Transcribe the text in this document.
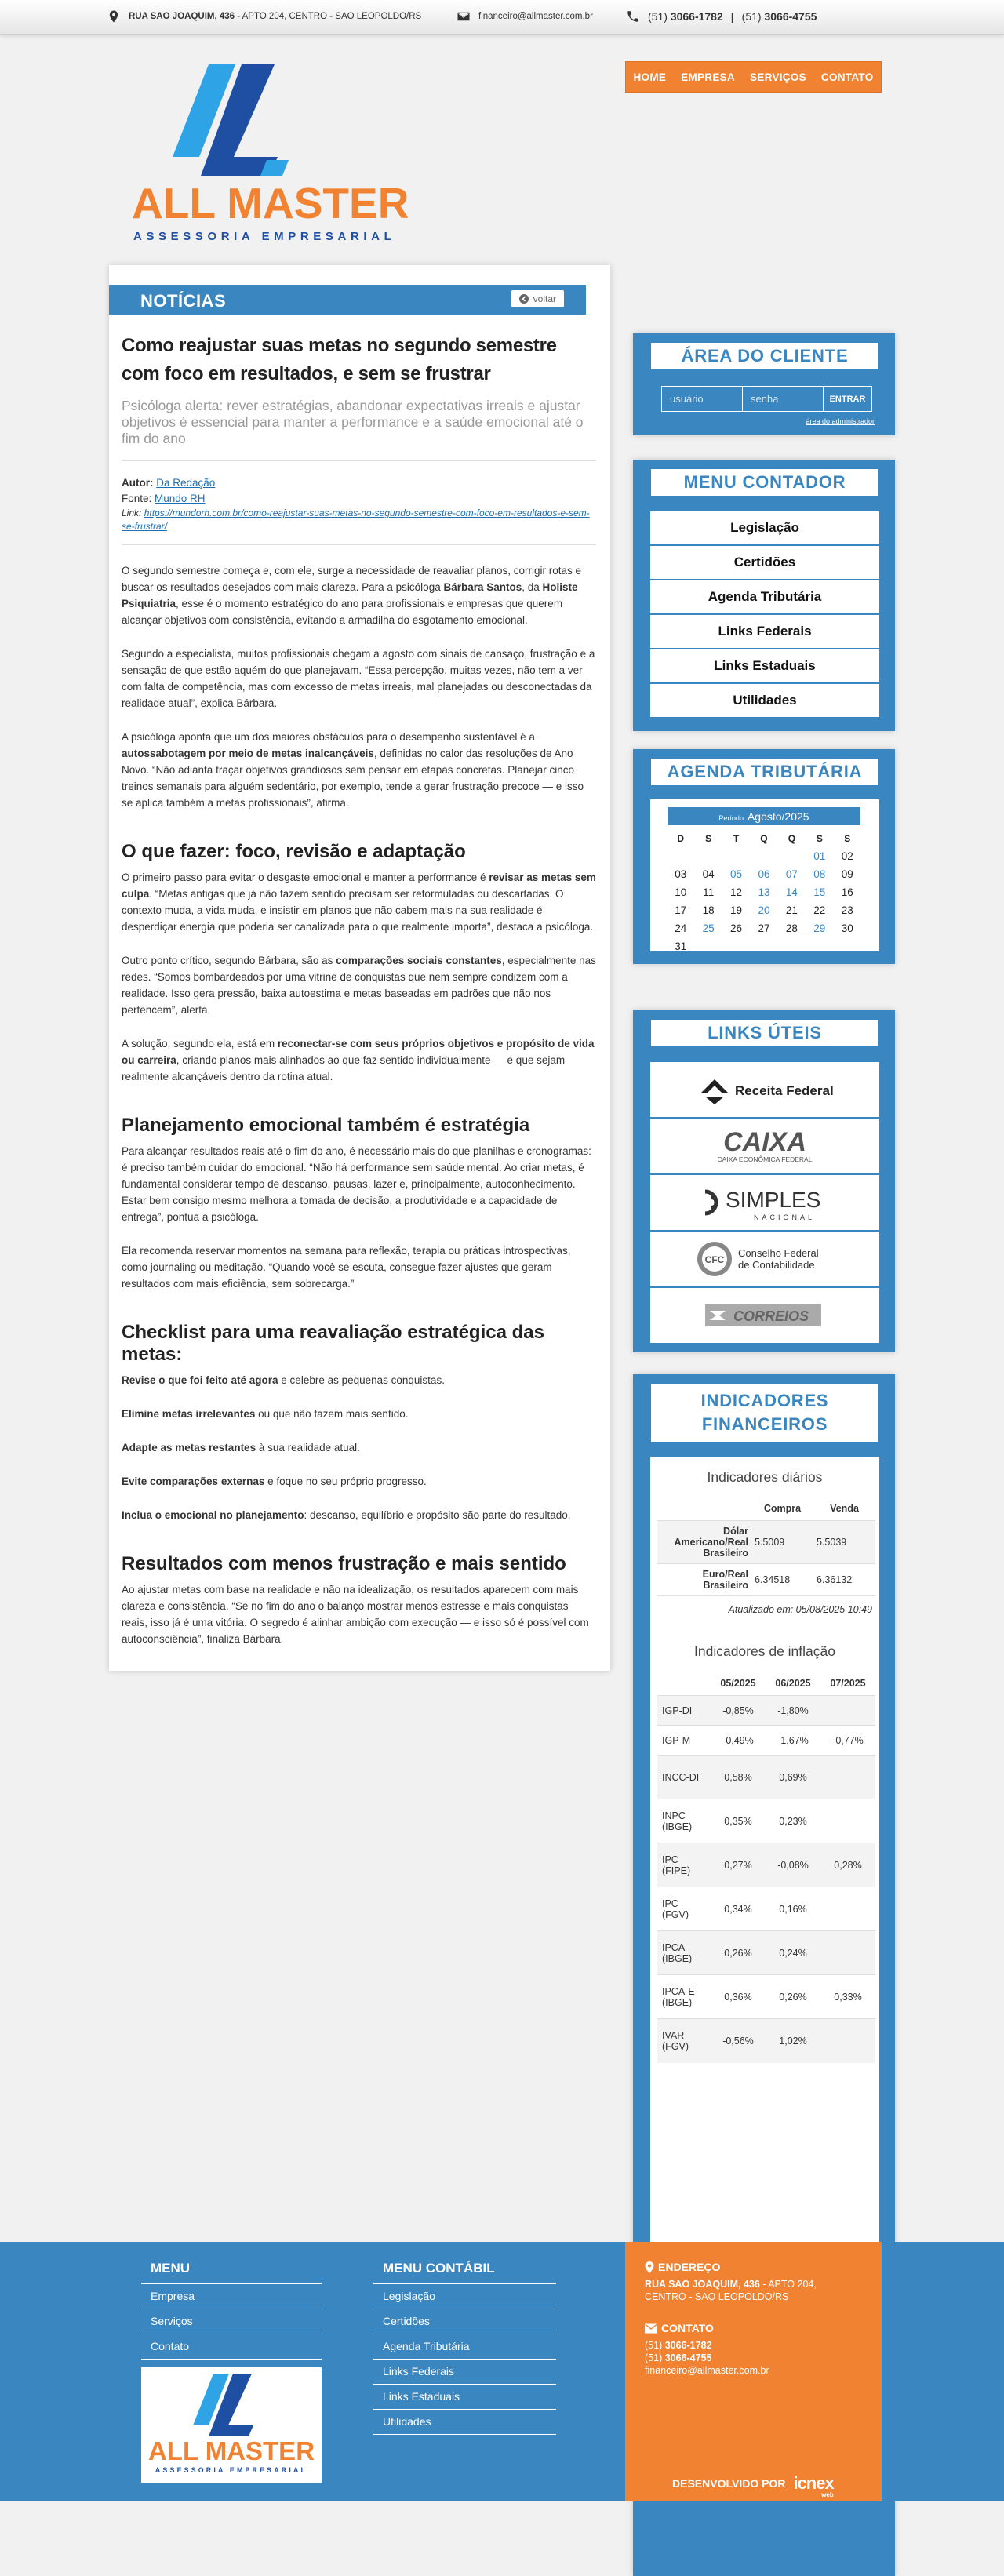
RUA SAO JOAQUIM, 436 - APTO 204, CENTRO - SAO LEOPOLDO/RS	financeiro@allmaster.com.br	(51) 3066-1782 | (51) 3066-4755
ALL MASTER
ASSESSORIA EMPRESARIAL
HOME EMPRESA SERVIÇOS CONTATO
NOTÍCIAS	voltar
Como reajustar suas metas no segundo semestre com foco em resultados, e sem se frustrar
Psicóloga alerta: rever estratégias, abandonar expectativas irreais e ajustar objetivos é essencial para manter a performance e a saúde emocional até o fim do ano
Autor: Da Redação
Fonte: Mundo RH
Link: https://mundorh.com.br/como-reajustar-suas-metas-no-segundo-semestre-com-foco-em-resultados-e-sem-se-frustrar/

O segundo semestre começa e, com ele, surge a necessidade de reavaliar planos, corrigir rotas e buscar os resultados desejados com mais clareza. Para a psicóloga Bárbara Santos, da Holiste Psiquiatria, esse é o momento estratégico do ano para profissionais e empresas que querem alcançar objetivos com consistência, evitando a armadilha do esgotamento emocional.

Segundo a especialista, muitos profissionais chegam a agosto com sinais de cansaço, frustração e a sensação de que estão aquém do que planejavam. “Essa percepção, muitas vezes, não tem a ver com falta de competência, mas com excesso de metas irreais, mal planejadas ou desconectadas da realidade atual”, explica Bárbara.

A psicóloga aponta que um dos maiores obstáculos para o desempenho sustentável é a autossabotagem por meio de metas inalcançáveis, definidas no calor das resoluções de Ano Novo. “Não adianta traçar objetivos grandiosos sem pensar em etapas concretas. Planejar cinco treinos semanais para alguém sedentário, por exemplo, tende a gerar frustração precoce — e isso se aplica também a metas profissionais”, afirma.

O que fazer: foco, revisão e adaptação

O primeiro passo para evitar o desgaste emocional e manter a performance é revisar as metas sem culpa. “Metas antigas que já não fazem sentido precisam ser reformuladas ou descartadas. O contexto muda, a vida muda, e insistir em planos que não cabem mais na sua realidade é desperdiçar energia que poderia ser canalizada para o que realmente importa”, destaca a psicóloga.

Outro ponto crítico, segundo Bárbara, são as comparações sociais constantes, especialmente nas redes. “Somos bombardeados por uma vitrine de conquistas que nem sempre condizem com a realidade. Isso gera pressão, baixa autoestima e metas baseadas em padrões que não nos pertencem”, alerta.

A solução, segundo ela, está em reconectar-se com seus próprios objetivos e propósito de vida ou carreira, criando planos mais alinhados ao que faz sentido individualmente — e que sejam realmente alcançáveis dentro da rotina atual.

Planejamento emocional também é estratégia

Para alcançar resultados reais até o fim do ano, é necessário mais do que planilhas e cronogramas: é preciso também cuidar do emocional. “Não há performance sem saúde mental. Ao criar metas, é fundamental considerar tempo de descanso, pausas, lazer e, principalmente, autoconhecimento. Estar bem consigo mesmo melhora a tomada de decisão, a produtividade e a capacidade de entrega”, pontua a psicóloga.

Ela recomenda reservar momentos na semana para reflexão, terapia ou práticas introspectivas, como journaling ou meditação. “Quando você se escuta, consegue fazer ajustes que geram resultados com mais eficiência, sem sobrecarga.”

Checklist para uma reavaliação estratégica das metas:

Revise o que foi feito até agora e celebre as pequenas conquistas.

Elimine metas irrelevantes ou que não fazem mais sentido.

Adapte as metas restantes à sua realidade atual.

Evite comparações externas e foque no seu próprio progresso.

Inclua o emocional no planejamento: descanso, equilíbrio e propósito são parte do resultado.

Resultados com menos frustração e mais sentido

Ao ajustar metas com base na realidade e não na idealização, os resultados aparecem com mais clareza e consistência. “Se no fim do ano o balanço mostrar menos estresse e mais conquistas reais, isso já é uma vitória. O segredo é alinhar ambição com execução — e isso só é possível com autoconsciência”, finaliza Bárbara.

ÁREA DO CLIENTE
usuário
ENTRAR
área do administrador
MENU CONTADOR
Legislação
Certidões
Agenda Tributária
Links Federais
Links Estaduais
Utilidades
AGENDA TRIBUTÁRIA
Período: Agosto/2025
D	S	T	Q	Q	S	S
					01	02
03	04	05	06	07	08	09
10	11	12	13	14	15	16
17	18	19	20	21	22	23
24	25	26	27	28	29	30
31						
LINKS ÚTEIS
Receita Federal
CAIXA
CAIXA ECONÔMICA FEDERAL
SIMPLES
NACIONAL
CFC
Conselho Federal
de Contabilidade
CORREIOS
INDICADORES
FINANCEIROS
Indicadores diários
	Compra	Venda
Dólar Americano/Real Brasileiro	5.5009	5.5039
Euro/Real Brasileiro	6.34518	6.36132
Atualizado em: 05/08/2025 10:49		
Indicadores de inflação
	05/2025	06/2025	07/2025
IGP-DI	-0,85%	-1,80%	
IGP-M	-0,49%	-1,67%	-0,77%
INCC-DI	0,58%	0,69%	
INPC (IBGE)	0,35%	0,23%	
IPC (FIPE)	0,27%	-0,08%	0,28%
IPC (FGV)	0,34%	0,16%	
IPCA (IBGE)	0,26%	0,24%	
IPCA-E (IBGE)	0,36%	0,26%	0,33%
IVAR (FGV)	-0,56%	1,02%	
MENU
Empresa
Serviços
Contato
ALL MASTER
ASSESSORIA EMPRESARIAL
MENU CONTÁBIL
Legislação
Certidões
Agenda Tributária
Links Federais
Links Estaduais
Utilidades
ENDEREÇO
RUA SAO JOAQUIM, 436 - APTO 204,
CENTRO - SAO LEOPOLDO/RS
CONTATO
(51) 3066-1782
(51) 3066-4755
financeiro@allmaster.com.br
DESENVOLVIDO POR icnex
web
